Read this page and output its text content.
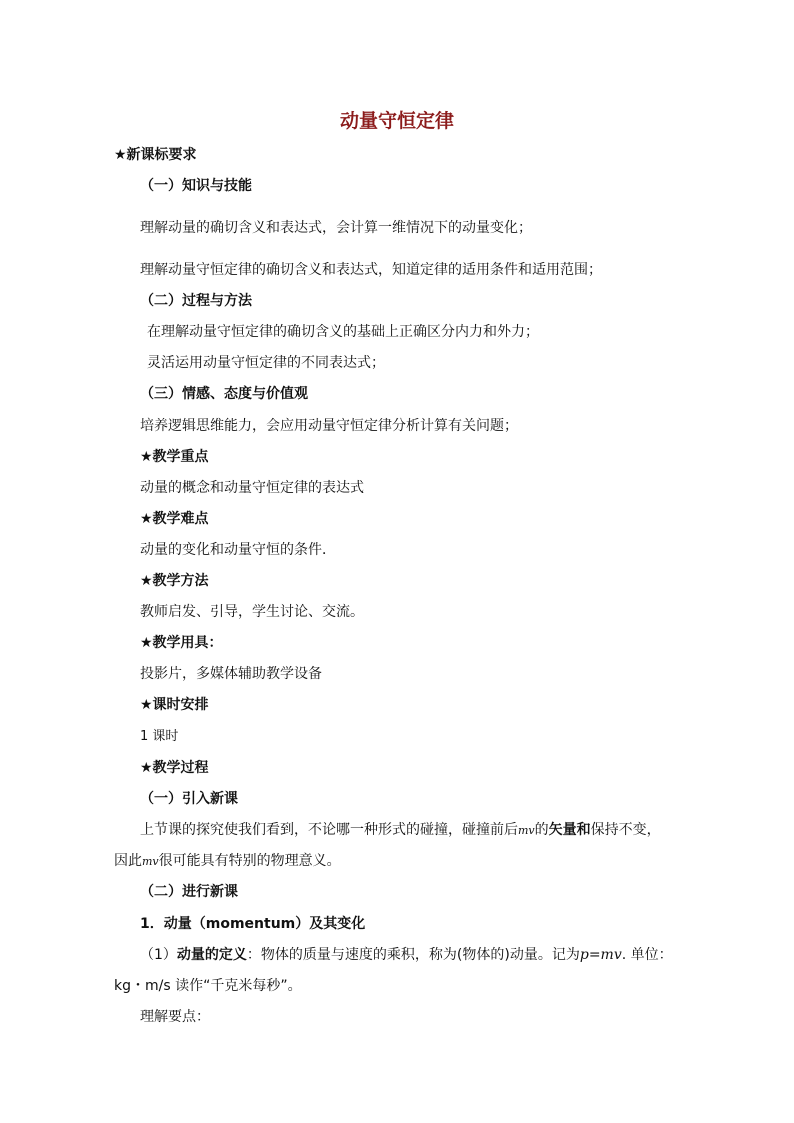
动量守恒定律
★新课标要求
（一）知识与技能
理解动量的确切含义和表达式，会计算一维情况下的动量变化；
理解动量守恒定律的确切含义和表达式，知道定律的适用条件和适用范围；
（二）过程与方法
在理解动量守恒定律的确切含义的基础上正确区分内力和外力；
灵活运用动量守恒定律的不同表达式；
（三）情感、态度与价值观
培养逻辑思维能力，会应用动量守恒定律分析计算有关问题；
★教学重点
动量的概念和动量守恒定律的表达式
★教学难点
动量的变化和动量守恒的条件．
★教学方法
教师启发、引导，学生讨论、交流。
★教学用具：
投影片，多媒体辅助教学设备
★课时安排
1 课时
★教学过程
（一）引入新课
上节课的探究使我们看到，不论哪一种形式的碰撞，碰撞前后mv的矢量和保持不变，
因此mv很可能具有特别的物理意义。
（二）进行新课
1．动量（momentum）及其变化
（1）动量的定义：物体的质量与速度的乘积，称为(物体的)动量。记为p=mv. 单位：
kg・m/s 读作“千克米每秒”。
理解要点：
